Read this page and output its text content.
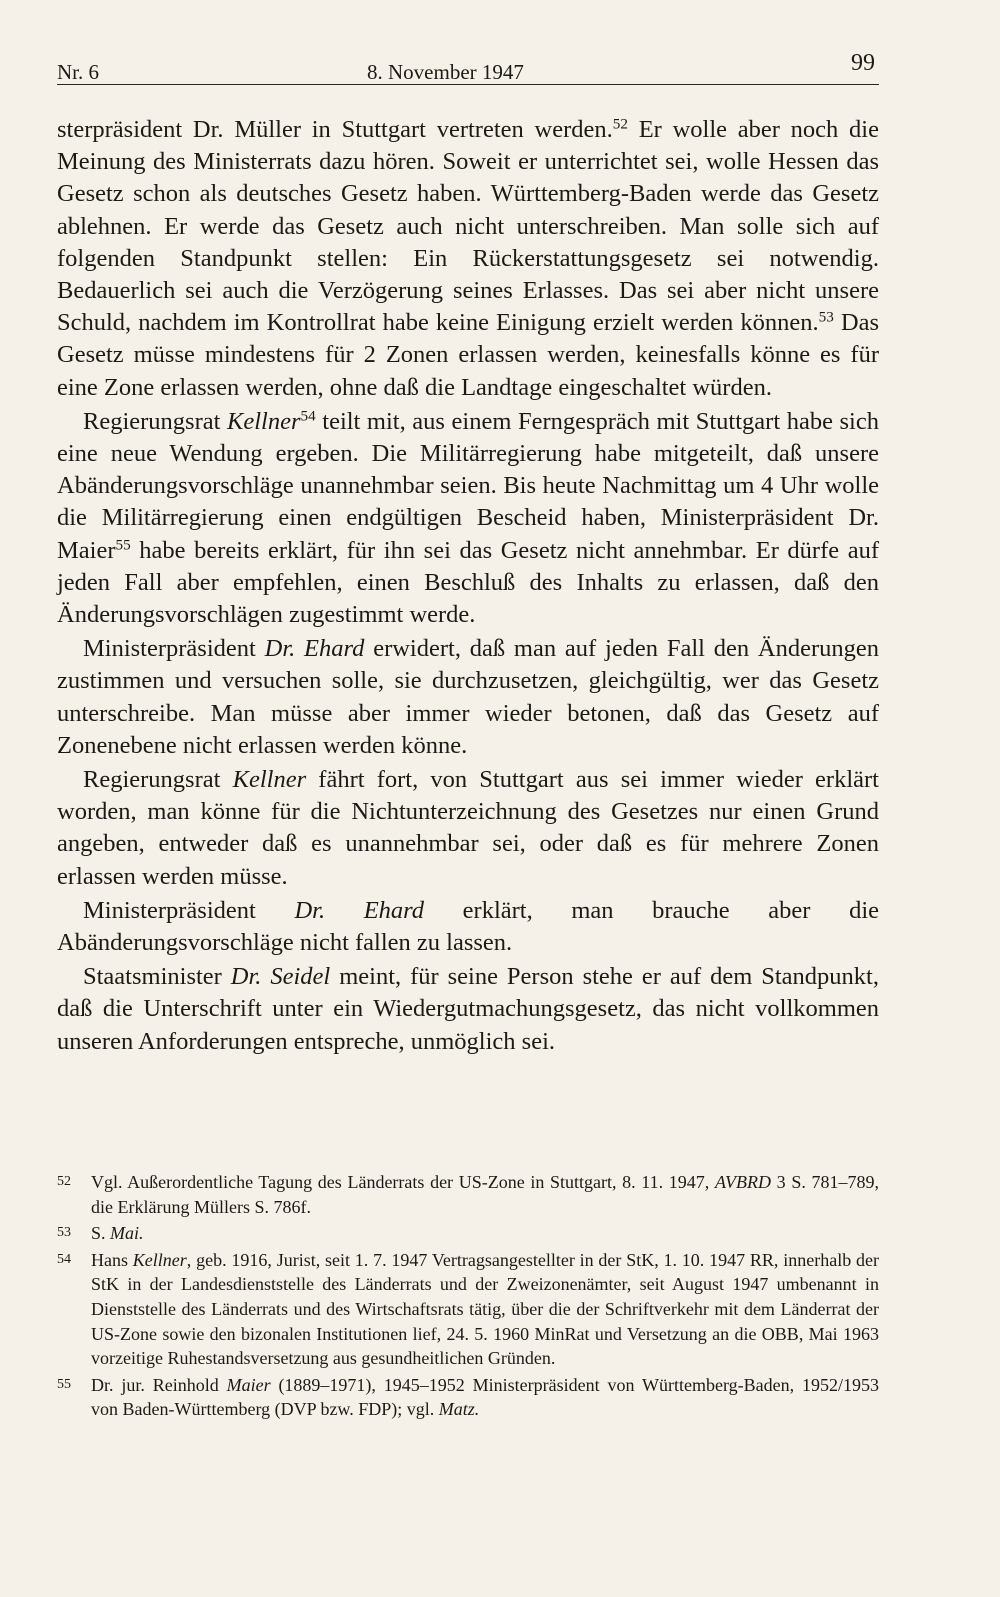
Nr. 6	8. November 1947	99

sterpräsident Dr. Müller in Stuttgart vertreten werden.$^{52}$ Er wolle aber noch die Meinung des Ministerrats dazu hören. Soweit er unterrichtet sei, wolle Hessen das Gesetz schon als deutsches Gesetz haben. Württemberg-Baden werde das Gesetz ablehnen. Er werde das Gesetz auch nicht unterschreiben. Man solle sich auf folgenden Standpunkt stellen: Ein Rückerstattungsgesetz sei notwendig. Bedauerlich sei auch die Verzögerung seines Erlasses. Das sei aber nicht unsere Schuld, nachdem im Kontrollrat habe keine Einigung erzielt werden können.$^{53}$ Das Gesetz müsse mindestens für 2 Zonen erlassen werden, keinesfalls könne es für eine Zone erlassen werden, ohne daß die Landtage eingeschaltet würden.

Regierungsrat Kellner$^{54}$ teilt mit, aus einem Ferngespräch mit Stuttgart habe sich eine neue Wendung ergeben. Die Militärregierung habe mitgeteilt, daß unsere Abänderungsvorschläge unannehmbar seien. Bis heute Nachmittag um 4 Uhr wolle die Militärregierung einen endgültigen Bescheid haben, Ministerpräsident Dr. Maier$^{55}$ habe bereits erklärt, für ihn sei das Gesetz nicht annehmbar. Er dürfe auf jeden Fall aber empfehlen, einen Beschluß des Inhalts zu erlassen, daß den Änderungsvorschlägen zugestimmt werde.

Ministerpräsident Dr. Ehard erwidert, daß man auf jeden Fall den Änderungen zustimmen und versuchen solle, sie durchzusetzen, gleichgültig, wer das Gesetz unterschreibe. Man müsse aber immer wieder betonen, daß das Gesetz auf Zonenebene nicht erlassen werden könne.

Regierungsrat Kellner fährt fort, von Stuttgart aus sei immer wieder erklärt worden, man könne für die Nichtunterzeichnung des Gesetzes nur einen Grund angeben, entweder daß es unannehmbar sei, oder daß es für mehrere Zonen erlassen werden müsse.

Ministerpräsident Dr. Ehard erklärt, man brauche aber die Abänderungsvorschläge nicht fallen zu lassen.

Staatsminister Dr. Seidel meint, für seine Person stehe er auf dem Standpunkt, daß die Unterschrift unter ein Wiedergutmachungsgesetz, das nicht vollkommen unseren Anforderungen entspreche, unmöglich sei.

52 Vgl. Außerordentliche Tagung des Länderrats der US-Zone in Stuttgart, 8. 11. 1947, AVBRD 3 S. 781–789, die Erklärung Müllers S. 786f.
53 S. Mai.
54 Hans Kellner, geb. 1916, Jurist, seit 1. 7. 1947 Vertragsangestellter in der StK, 1. 10. 1947 RR, innerhalb der StK in der Landesdienststelle des Länderrats und der Zweizonenämter, seit August 1947 umbenannt in Dienststelle des Länderrats und des Wirtschaftsrats tätig, über die der Schriftverkehr mit dem Länderrat der US-Zone sowie den bizonalen Institutionen lief, 24. 5. 1960 MinRat und Versetzung an die OBB, Mai 1963 vorzeitige Ruhestandsversetzung aus gesundheitlichen Gründen.
55 Dr. jur. Reinhold Maier (1889–1971), 1945–1952 Ministerpräsident von Württemberg-Baden, 1952/1953 von Baden-Württemberg (DVP bzw. FDP); vgl. Matz.
